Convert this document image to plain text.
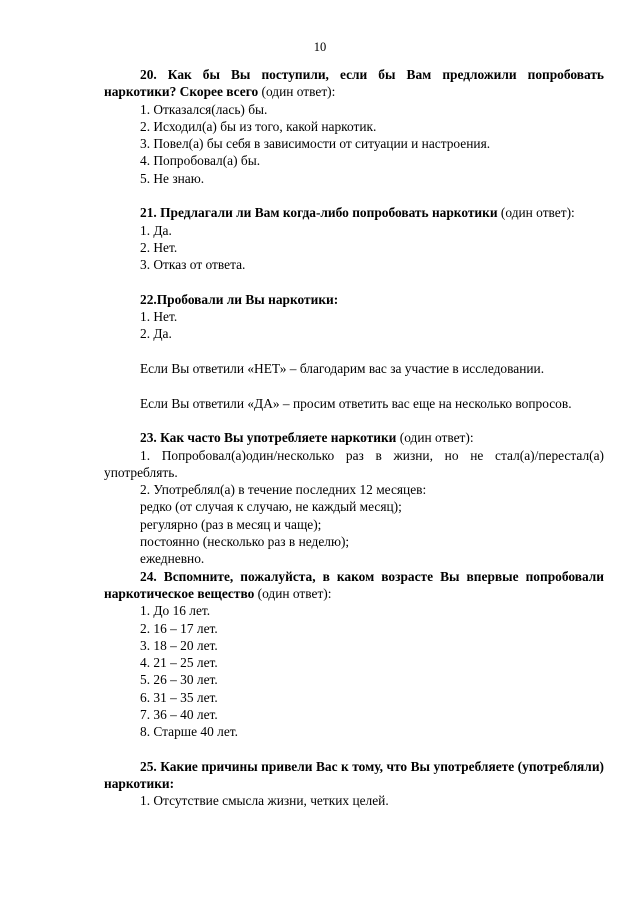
10
20. Как бы Вы поступили, если бы Вам предложили попробовать наркотики? Скорее всего (один ответ):
1. Отказался(лась) бы.
2. Исходил(а) бы из того, какой наркотик.
3. Повел(а) бы себя в зависимости от ситуации и настроения.
4. Попробовал(а) бы.
5. Не знаю.
21. Предлагали ли Вам когда-либо попробовать наркотики (один ответ):
1. Да.
2. Нет.
3. Отказ от ответа.
22.Пробовали ли Вы наркотики:
1. Нет.
2. Да.
Если Вы ответили «НЕТ» – благодарим вас за участие в исследовании.
Если Вы ответили «ДА» – просим ответить вас еще на несколько вопросов.
23. Как часто Вы употребляете наркотики (один ответ):
1. Попробовал(а)один/несколько раз в жизни, но не стал(а)/перестал(а) употреблять.
2. Употреблял(а) в течение последних 12 месяцев:
редко (от случая к случаю, не каждый месяц);
регулярно (раз в месяц и чаще);
постоянно (несколько раз в неделю);
ежедневно.
24. Вспомните, пожалуйста, в каком возрасте Вы впервые попробовали наркотическое вещество (один ответ):
1. До 16 лет.
2. 16 – 17 лет.
3. 18 – 20 лет.
4. 21 – 25 лет.
5. 26 – 30 лет.
6. 31 – 35 лет.
7. 36 – 40 лет.
8. Старше 40 лет.
25. Какие причины привели Вас к тому, что Вы употребляете (употребляли) наркотики:
1. Отсутствие смысла жизни, четких целей.
